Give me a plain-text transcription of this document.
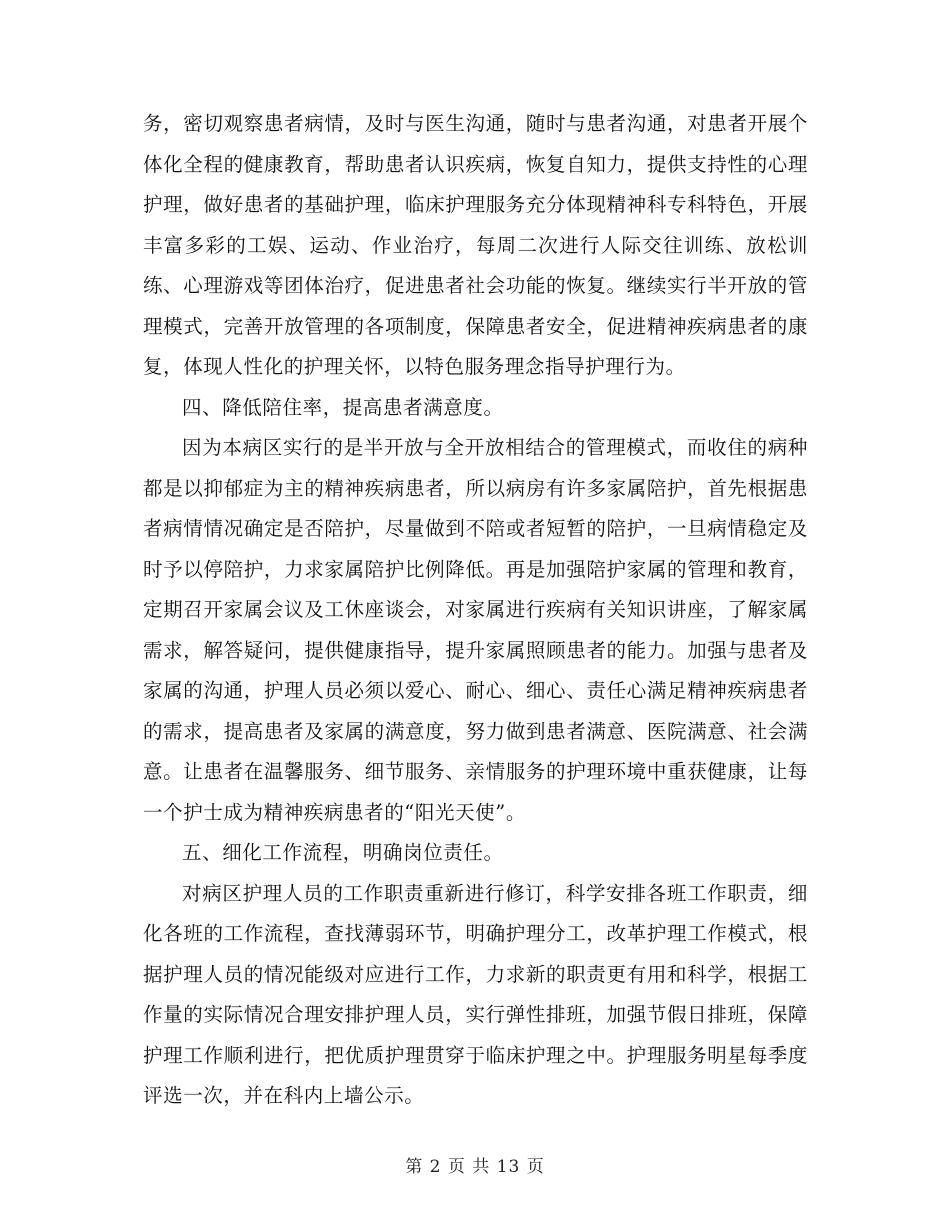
务，密切观察患者病情，及时与医生沟通，随时与患者沟通，对患者开展个体化全程的健康教育，帮助患者认识疾病，恢复自知力，提供支持性的心理护理，做好患者的基础护理，临床护理服务充分体现精神科专科特色，开展丰富多彩的工娱、运动、作业治疗，每周二次进行人际交往训练、放松训练、心理游戏等团体治疗，促进患者社会功能的恢复。继续实行半开放的管理模式，完善开放管理的各项制度，保障患者安全，促进精神疾病患者的康复，体现人性化的护理关怀，以特色服务理念指导护理行为。

四、降低陪住率，提高患者满意度。

因为本病区实行的是半开放与全开放相结合的管理模式，而收住的病种都是以抑郁症为主的精神疾病患者，所以病房有许多家属陪护，首先根据患者病情情况确定是否陪护，尽量做到不陪或者短暂的陪护，一旦病情稳定及时予以停陪护，力求家属陪护比例降低。再是加强陪护家属的管理和教育，定期召开家属会议及工休座谈会，对家属进行疾病有关知识讲座，了解家属需求，解答疑问，提供健康指导，提升家属照顾患者的能力。加强与患者及家属的沟通，护理人员必须以爱心、耐心、细心、责任心满足精神疾病患者的需求，提高患者及家属的满意度，努力做到患者满意、医院满意、社会满意。让患者在温馨服务、细节服务、亲情服务的护理环境中重获健康，让每一个护士成为精神疾病患者的“阳光天使”。

五、细化工作流程，明确岗位责任。

对病区护理人员的工作职责重新进行修订，科学安排各班工作职责，细化各班的工作流程，查找薄弱环节，明确护理分工，改革护理工作模式，根据护理人员的情况能级对应进行工作，力求新的职责更有用和科学，根据工作量的实际情况合理安排护理人员，实行弹性排班，加强节假日排班，保障护理工作顺利进行，把优质护理贯穿于临床护理之中。护理服务明星每季度评选一次，并在科内上墙公示。

第 2 页 共 13 页
